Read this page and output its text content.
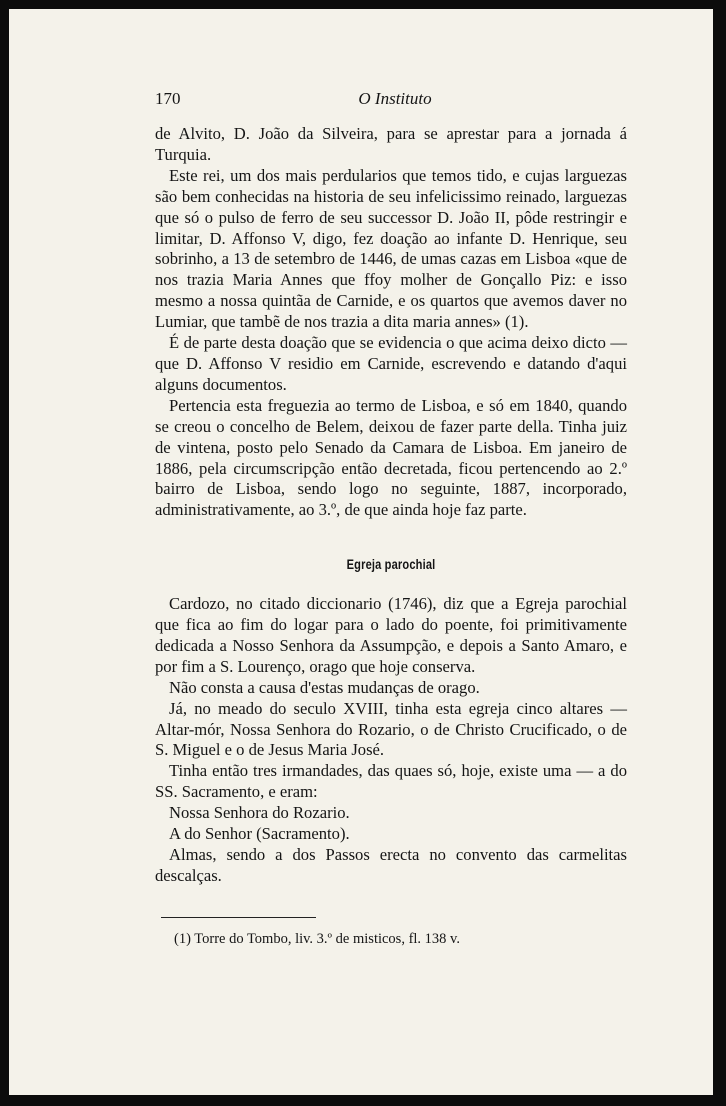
170	O Instituto

de Alvito, D. João da Silveira, para se aprestar para a jornada á Turquia.

Este rei, um dos mais perdularios que temos tido, e cujas larguezas são bem conhecidas na historia de seu infelicissimo reinado, larguezas que só o pulso de ferro de seu successor D. João II, pôde restringir e limitar, D. Affonso V, digo, fez doação ao infante D. Henrique, seu sobrinho, a 13 de setembro de 1446, de umas cazas em Lisboa «que de nos trazia Maria Annes que ffoy molher de Gonçallo Piz: e isso mesmo a nossa quintãa de Carnide, e os quartos que avemos daver no Lumiar, que tambẽ de nos trazia a dita maria annes» (1).

É de parte desta doação que se evidencia o que acima deixo dicto — que D. Affonso V residio em Carnide, escrevendo e datando d'aqui alguns documentos.

Pertencia esta freguezia ao termo de Lisboa, e só em 1840, quando se creou o concelho de Belem, deixou de fazer parte della. Tinha juiz de vintena, posto pelo Senado da Camara de Lisboa. Em janeiro de 1886, pela circumscripção então decretada, ficou pertencendo ao 2.º bairro de Lisboa, sendo logo no seguinte, 1887, incorporado, administrativamente, ao 3.º, de que ainda hoje faz parte.

Egreja parochial

Cardozo, no citado diccionario (1746), diz que a Egreja parochial que fica ao fim do logar para o lado do poente, foi primitivamente dedicada a Nosso Senhora da Assumpção, e depois a Santo Amaro, e por fim a S. Lourenço, orago que hoje conserva.

Não consta a causa d'estas mudanças de orago.

Já, no meado do seculo XVIII, tinha esta egreja cinco altares — Altar-mór, Nossa Senhora do Rozario, o de Christo Crucificado, o de S. Miguel e o de Jesus Maria José.

Tinha então tres irmandades, das quaes só, hoje, existe uma — a do SS. Sacramento, e eram:

Nossa Senhora do Rozario.

A do Senhor (Sacramento).

Almas, sendo a dos Passos erecta no convento das carmelitas descalças.

(1) Torre do Tombo, liv. 3.º de misticos, fl. 138 v.
